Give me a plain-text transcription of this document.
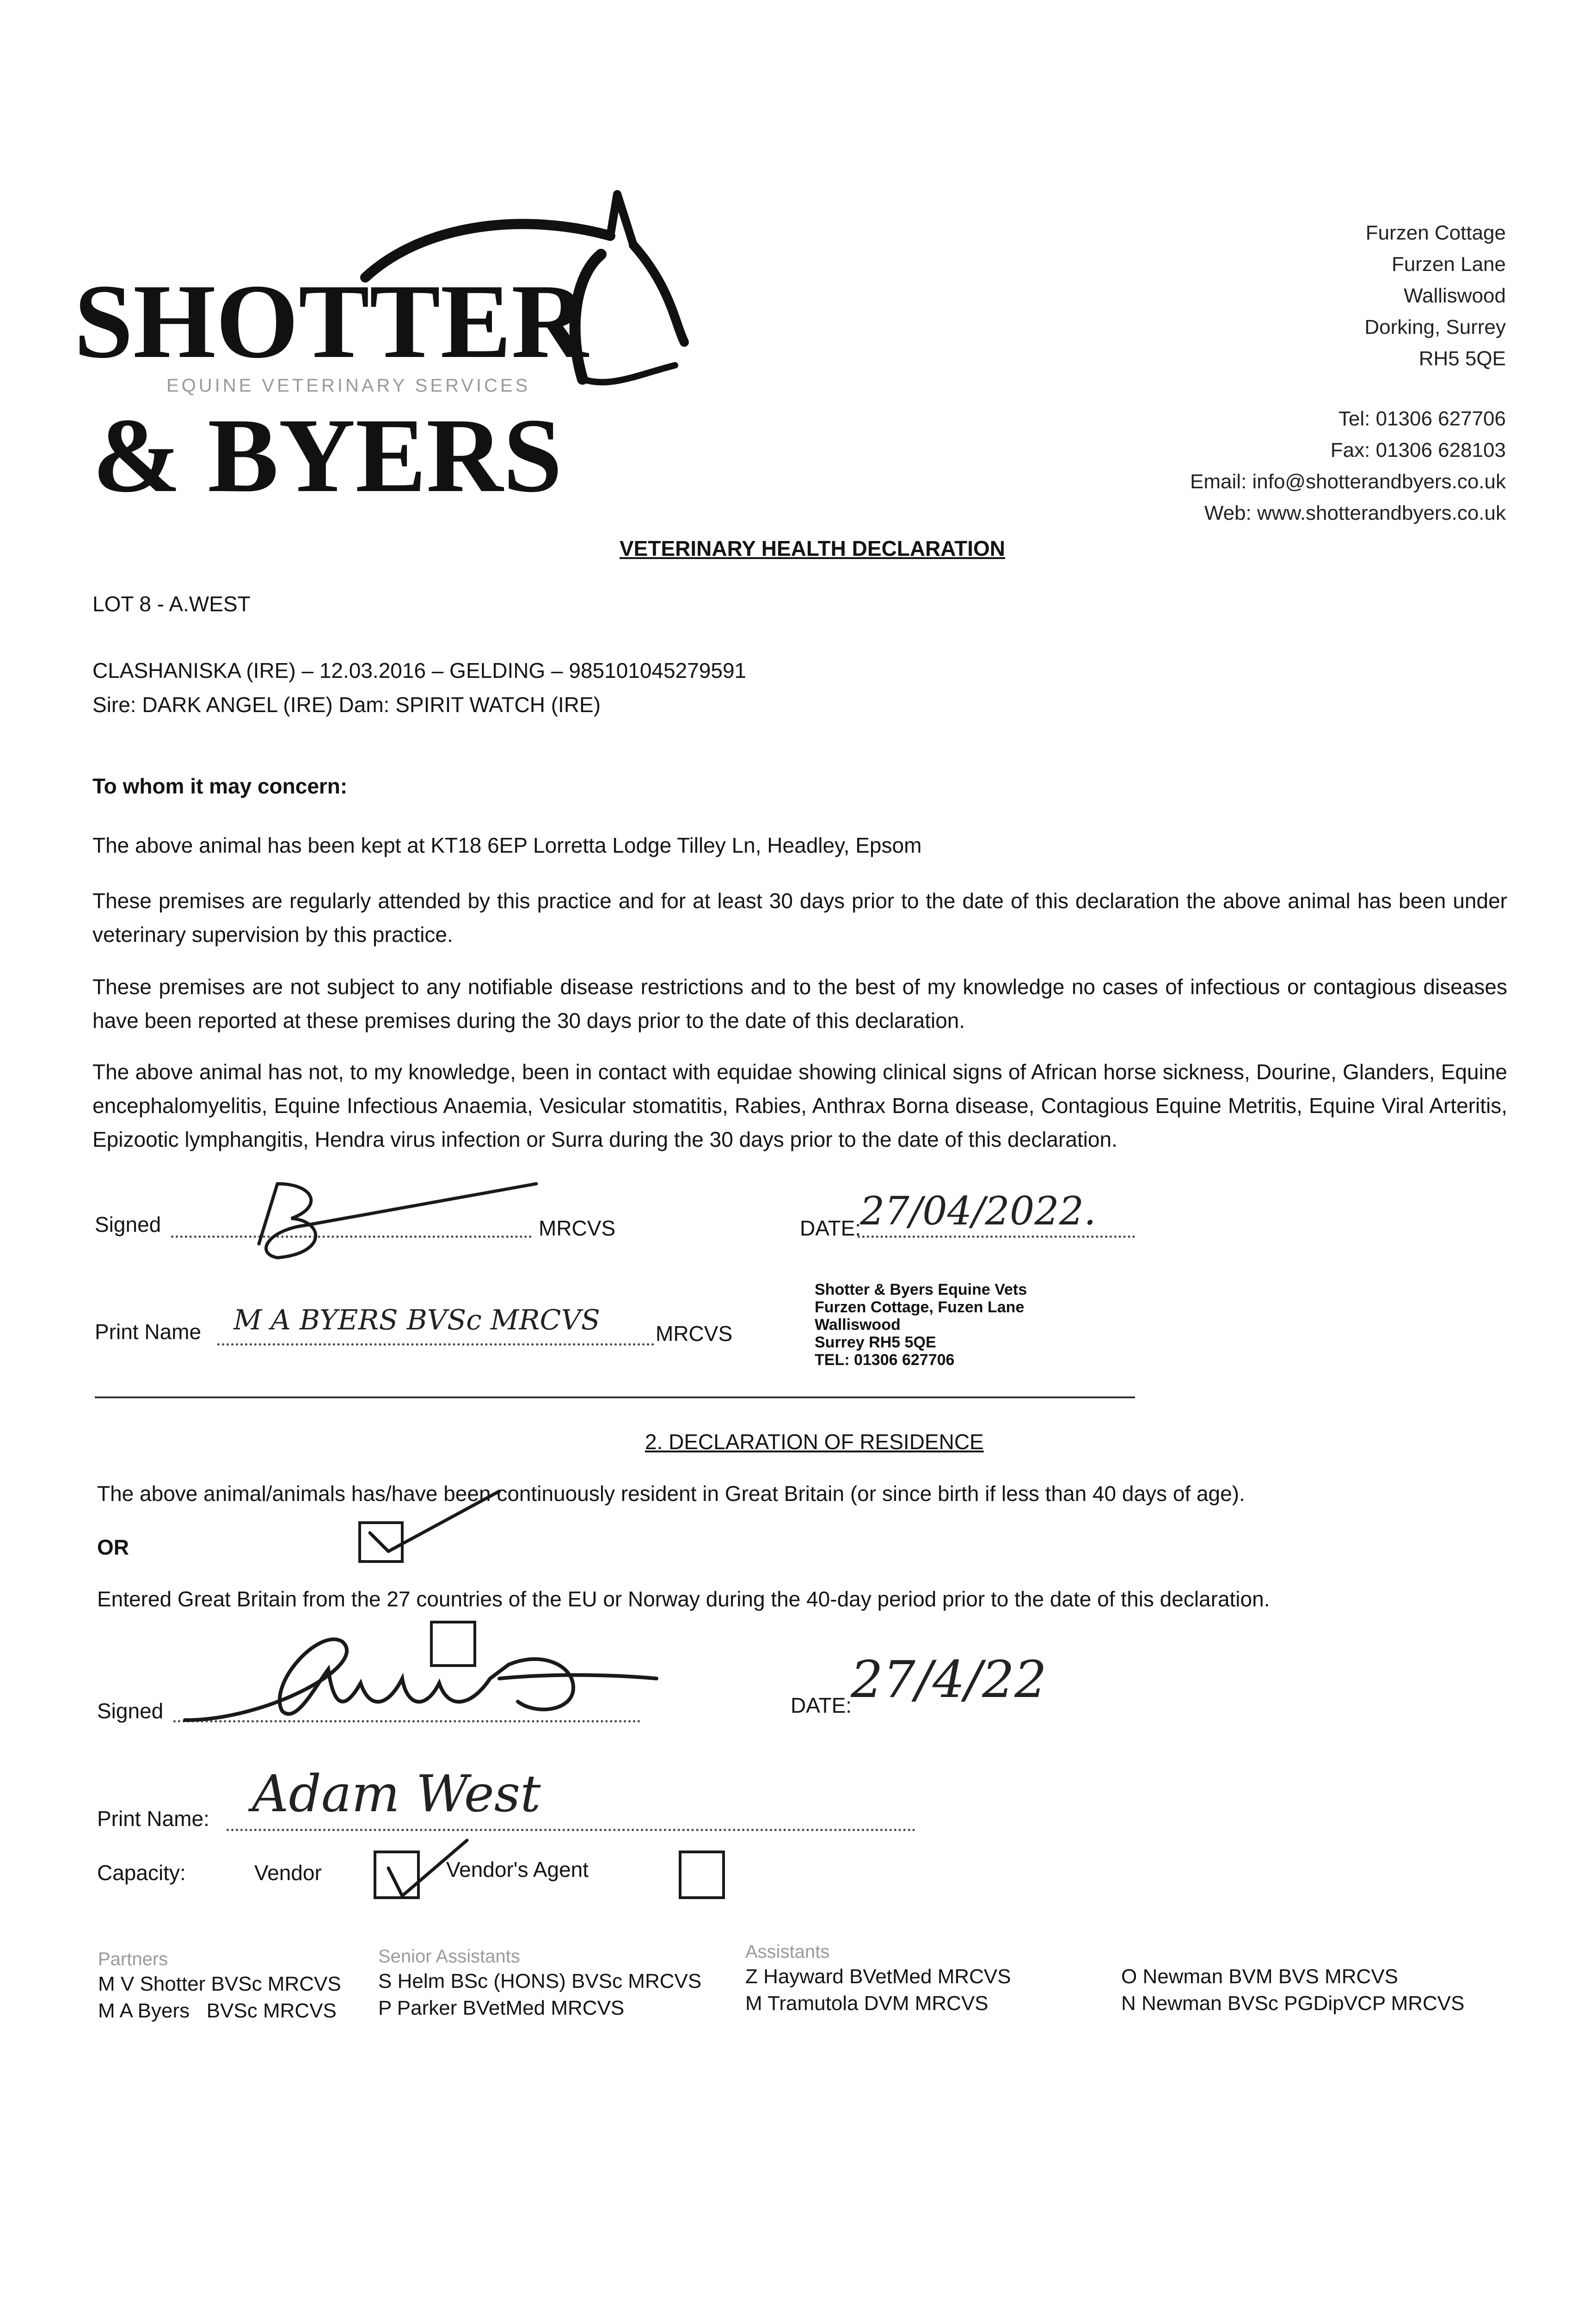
SHOTTER
EQUINE VETERINARY SERVICES
& BYERS
Furzen Cottage
Furzen Lane
Walliswood
Dorking, Surrey
RH5 5QE
Tel: 01306 627706
Fax: 01306 628103
Email: info@shotterandbyers.co.uk
Web: www.shotterandbyers.co.uk
VETERINARY HEALTH DECLARATION
LOT 8 - A.WEST
CLASHANISKA (IRE) – 12.03.2016 – GELDING – 985101045279591
Sire: DARK ANGEL (IRE) Dam: SPIRIT WATCH (IRE)
To whom it may concern:
The above animal has been kept at KT18 6EP Lorretta Lodge Tilley Ln, Headley, Epsom
These premises are regularly attended by this practice and for at least 30 days prior to the date of this declaration the above animal has been under veterinary supervision by this practice.
These premises are not subject to any notifiable disease restrictions and to the best of my knowledge no cases of infectious or contagious diseases have been reported at these premises during the 30 days prior to the date of this declaration.
The above animal has not, to my knowledge, been in contact with equidae showing clinical signs of African horse sickness, Dourine, Glanders, Equine encephalomyelitis, Equine Infectious Anaemia, Vesicular stomatitis, Rabies, Anthrax Borna disease, Contagious Equine Metritis, Equine Viral Arteritis, Epizootic lymphangitis, Hendra virus infection or Surra during the 30 days prior to the date of this declaration.
Signed	MRCVS	DATE:
27/04/2022.
Print Name M A BYERS BVSc MRCVS	MRCVS
Shotter & Byers Equine Vets
Furzen Cottage, Fuzen Lane
Walliswood
Surrey RH5 5QE
TEL: 01306 627706
2. DECLARATION OF RESIDENCE
The above animal/animals has/have been continuously resident in Great Britain (or since birth if less than 40 days of age).
OR
Entered Great Britain from the 27 countries of the EU or Norway during the 40-day period prior to the date of this declaration.
Signed	DATE:
27/4/22
Print Name: Adam West
Capacity:	Vendor	Vendor's Agent
Partners
M V Shotter BVSc MRCVS
M A Byers   BVSc MRCVS
Senior Assistants
S Helm BSc (HONS) BVSc MRCVS
P Parker BVetMed MRCVS
Assistants
Z Hayward BVetMed MRCVS
M Tramutola DVM MRCVS
O Newman BVM BVS MRCVS
N Newman BVSc PGDipVCP MRCVS
